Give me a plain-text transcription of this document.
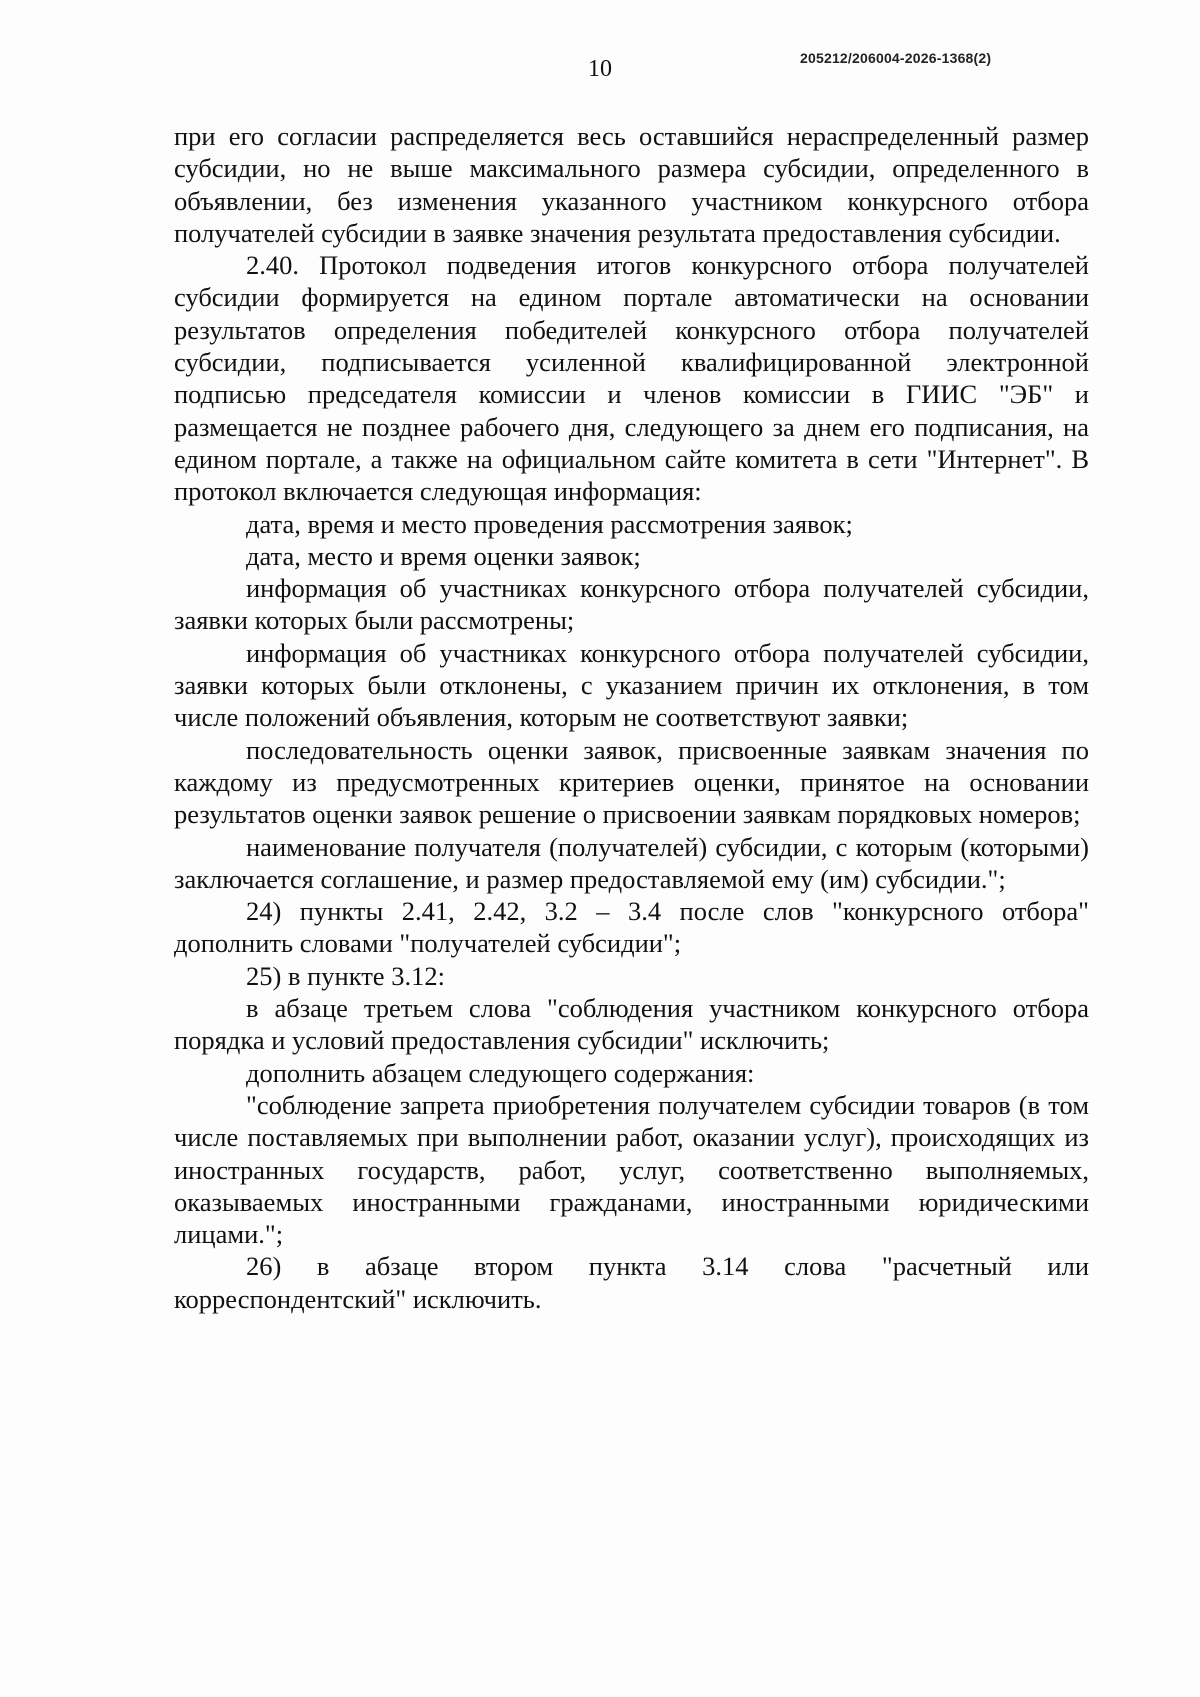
10	205212/206004-2026-1368(2)

при его согласии распределяется весь оставшийся нераспределенный размер субсидии, но не выше максимального размера субсидии, определенного в объявлении, без изменения указанного участником конкурсного отбора получателей субсидии в заявке значения результата предоставления субсидии.

2.40. Протокол подведения итогов конкурсного отбора получателей субсидии формируется на едином портале автоматически на основании результатов определения победителей конкурсного отбора получателей субсидии, подписывается усиленной квалифицированной электронной подписью председателя комиссии и членов комиссии в ГИИС "ЭБ" и размещается не позднее рабочего дня, следующего за днем его подписания, на едином портале, а также на официальном сайте комитета в сети "Интернет". В протокол включается следующая информация:

дата, время и место проведения рассмотрения заявок;

дата, место и время оценки заявок;

информация об участниках конкурсного отбора получателей субсидии, заявки которых были рассмотрены;

информация об участниках конкурсного отбора получателей субсидии, заявки которых были отклонены, с указанием причин их отклонения, в том числе положений объявления, которым не соответствуют заявки;

последовательность оценки заявок, присвоенные заявкам значения по каждому из предусмотренных критериев оценки, принятое на основании результатов оценки заявок решение о присвоении заявкам порядковых номеров;

наименование получателя (получателей) субсидии, с которым (которыми) заключается соглашение, и размер предоставляемой ему (им) субсидии.";

24) пункты 2.41, 2.42, 3.2 – 3.4 после слов "конкурсного отбора" дополнить словами "получателей субсидии";

25) в пункте 3.12:

в абзаце третьем слова "соблюдения участником конкурсного отбора порядка и условий предоставления субсидии" исключить;

дополнить абзацем следующего содержания:

"соблюдение запрета приобретения получателем субсидии товаров (в том числе поставляемых при выполнении работ, оказании услуг), происходящих из иностранных государств, работ, услуг, соответственно выполняемых, оказываемых иностранными гражданами, иностранными юридическими лицами.";

26) в абзаце втором пункта 3.14 слова "расчетный или корреспондентский" исключить.
